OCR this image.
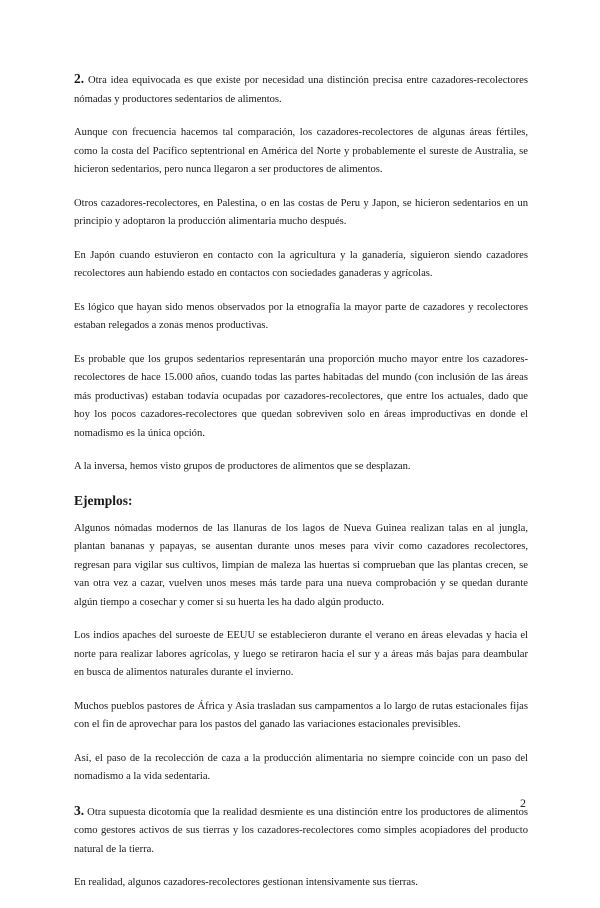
2. Otra idea equivocada es que existe por necesidad una distinción precisa entre cazadores-recolectores nómadas y productores sedentarios de alimentos.

Aunque con frecuencia hacemos tal comparación, los cazadores-recolectores de algunas áreas fértiles, como la costa del Pacífico septentrional en América del Norte y probablemente el sureste de Australia, se hicieron sedentarios, pero nunca llegaron a ser productores de alimentos.

Otros cazadores-recolectores, en Palestina, o en las costas de Peru y Japon, se hicieron sedentarios en un principio y adoptaron la producción alimentaria mucho después.

En Japón cuando estuvieron en contacto con la agricultura y la ganadería, siguieron siendo cazadores recolectores aun habiendo estado en contactos con sociedades ganaderas y agrícolas.

Es lógico que hayan sido menos observados por la etnografía la mayor parte de cazadores y recolectores estaban relegados a zonas menos productivas.

Es probable que los grupos sedentarios representarán una proporción mucho mayor entre los cazadores-recolectores de hace 15.000 años, cuando todas las partes habitadas del mundo (con inclusión de las áreas más productivas) estaban todavía ocupadas por cazadores-recolectores, que entre los actuales, dado que hoy los pocos cazadores-recolectores que quedan sobreviven solo en áreas improductivas en donde el nomadismo es la única opción.

A la inversa, hemos visto grupos de productores de alimentos que se desplazan.

Ejemplos:

Algunos nómadas modernos de las llanuras de los lagos de Nueva Guinea realizan talas en al jungla, plantan bananas y papayas, se ausentan durante unos meses para vivir como cazadores recolectores, regresan para vigilar sus cultivos, limpian de maleza las huertas si comprueban que las plantas crecen, se van otra vez a cazar, vuelven unos meses más tarde para una nueva comprobación y se quedan durante algún tiempo a cosechar y comer si su huerta les ha dado algún producto.

Los indios apaches del suroeste de EEUU se establecieron durante el verano en áreas elevadas y hacia el norte para realizar labores agrícolas, y luego se retiraron hacia el sur y a áreas más bajas para deambular en busca de alimentos naturales durante el invierno.

Muchos pueblos pastores de África y Asia trasladan sus campamentos a lo largo de rutas estacionales fijas con el fin de aprovechar para los pastos del ganado las variaciones estacionales previsibles.

Así, el paso de la recolección de caza a la producción alimentaria no siempre coincide con un paso del nomadismo a la vida sedentaria.

3. Otra supuesta dicotomía que la realidad desmiente es una distinción entre los productores de alimentos como gestores activos de sus tierras y los cazadores-recolectores como simples acopiadores del producto natural de la tierra.

En realidad, algunos cazadores-recolectores gestionan intensivamente sus tierras.

2
